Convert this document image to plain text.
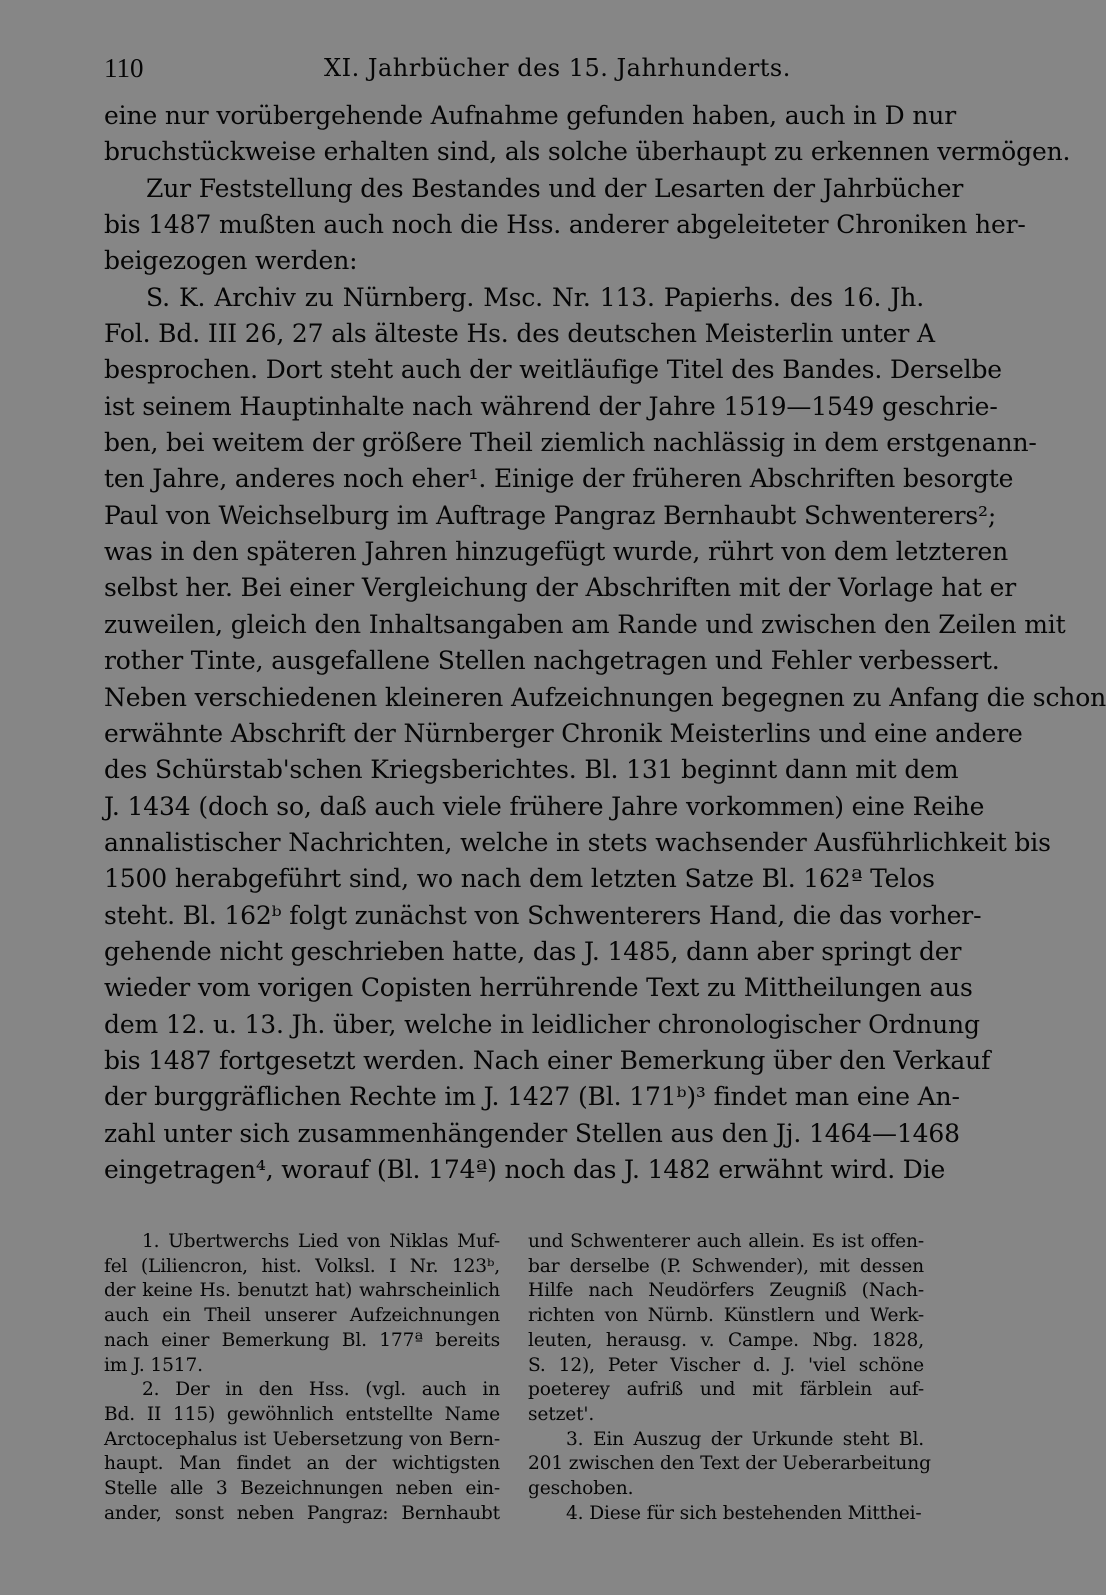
110	XI. Jahrbücher des 15. Jahrhunderts.
eine nur vorübergehende Aufnahme gefunden haben, auch in D nur
bruchstückweise erhalten sind, als solche überhaupt zu erkennen vermögen.
Zur Feststellung des Bestandes und der Lesarten der Jahrbücher
bis 1487 mußten auch noch die Hss. anderer abgeleiteter Chroniken her-
beigezogen werden:
S. K. Archiv zu Nürnberg. Msc. Nr. 113. Papierhs. des 16. Jh.
Fol. Bd. III 26, 27 als älteste Hs. des deutschen Meisterlin unter A
besprochen. Dort steht auch der weitläufige Titel des Bandes. Derselbe
ist seinem Hauptinhalte nach während der Jahre 1519—1549 geschrie-
ben, bei weitem der größere Theil ziemlich nachlässig in dem erstgenann-
ten Jahre, anderes noch eher¹. Einige der früheren Abschriften besorgte
Paul von Weichselburg im Auftrage Pangraz Bernhaubt Schwenterers²;
was in den späteren Jahren hinzugefügt wurde, rührt von dem letzteren
selbst her. Bei einer Vergleichung der Abschriften mit der Vorlage hat er
zuweilen, gleich den Inhaltsangaben am Rande und zwischen den Zeilen mit
rother Tinte, ausgefallene Stellen nachgetragen und Fehler verbessert.
Neben verschiedenen kleineren Aufzeichnungen begegnen zu Anfang die schon
erwähnte Abschrift der Nürnberger Chronik Meisterlins und eine andere
des Schürstab'schen Kriegsberichtes. Bl. 131 beginnt dann mit dem
J. 1434 (doch so, daß auch viele frühere Jahre vorkommen) eine Reihe
annalistischer Nachrichten, welche in stets wachsender Ausführlichkeit bis
1500 herabgeführt sind, wo nach dem letzten Satze Bl. 162ª Telos
steht. Bl. 162ᵇ folgt zunächst von Schwenterers Hand, die das vorher-
gehende nicht geschrieben hatte, das J. 1485, dann aber springt der
wieder vom vorigen Copisten herrührende Text zu Mittheilungen aus
dem 12. u. 13. Jh. über, welche in leidlicher chronologischer Ordnung
bis 1487 fortgesetzt werden. Nach einer Bemerkung über den Verkauf
der burggräflichen Rechte im J. 1427 (Bl. 171ᵇ)³ findet man eine An-
zahl unter sich zusammenhängender Stellen aus den Jj. 1464—1468
eingetragen⁴, worauf (Bl. 174ª) noch das J. 1482 erwähnt wird. Die
1. Ubertwerchs Lied von Niklas Muf-
fel (Liliencron, hist. Volksl. I Nr. 123ᵇ,
der keine Hs. benutzt hat) wahrscheinlich
auch ein Theil unserer Aufzeichnungen
nach einer Bemerkung Bl. 177ª bereits
im J. 1517.
2. Der in den Hss. (vgl. auch in
Bd. II 115) gewöhnlich entstellte Name
Arctocephalus ist Uebersetzung von Bern-
haupt. Man findet an der wichtigsten
Stelle alle 3 Bezeichnungen neben ein-
ander, sonst neben Pangraz: Bernhaubt
und Schwenterer auch allein. Es ist offen-
bar derselbe (P. Schwender), mit dessen
Hilfe nach Neudörfers Zeugniß (Nach-
richten von Nürnb. Künstlern und Werk-
leuten, herausg. v. Campe. Nbg. 1828,
S. 12), Peter Vischer d. J. 'viel schöne
poeterey aufriß und mit färblein auf-
setzet'.
3. Ein Auszug der Urkunde steht Bl.
201 zwischen den Text der Ueberarbeitung
geschoben.
4. Diese für sich bestehenden Mitthei-
